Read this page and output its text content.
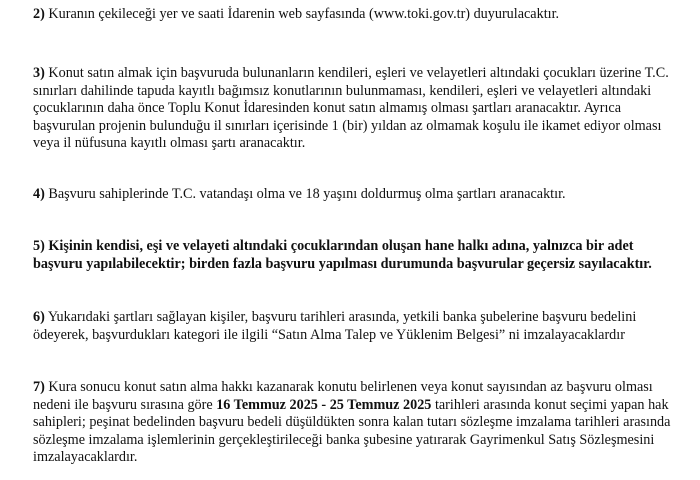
2) Kuranın çekileceği yer ve saati İdarenin web sayfasında (www.toki.gov.tr) duyurulacaktır.

3) Konut satın almak için başvuruda bulunanların kendileri, eşleri ve velayetleri altındaki çocukları üzerine T.C. sınırları dahilinde tapuda kayıtlı bağımsız konutlarının bulunmaması, kendileri, eşleri ve velayetleri altındaki çocuklarının daha önce Toplu Konut İdaresinden konut satın almamış olması şartları aranacaktır. Ayrıca başvurulan projenin bulunduğu il sınırları içerisinde 1 (bir) yıldan az olmamak koşulu ile ikamet ediyor olması veya il nüfusuna kayıtlı olması şartı aranacaktır.

4) Başvuru sahiplerinde T.C. vatandaşı olma ve 18 yaşını doldurmuş olma şartları aranacaktır.

5) Kişinin kendisi, eşi ve velayeti altındaki çocuklarından oluşan hane halkı adına, yalnızca bir adet başvuru yapılabilecektir; birden fazla başvuru yapılması durumunda başvurular geçersiz sayılacaktır.

6) Yukarıdaki şartları sağlayan kişiler, başvuru tarihleri arasında, yetkili banka şubelerine başvuru bedelini ödeyerek, başvurdukları kategori ile ilgili “Satın Alma Talep ve Yüklenim Belgesi” ni imzalayacaklardır

7) Kura sonucu konut satın alma hakkı kazanarak konutu belirlenen veya konut sayısından az başvuru olması nedeni ile başvuru sırasına göre 16 Temmuz 2025 - 25 Temmuz 2025 tarihleri arasında konut seçimi yapan hak sahipleri; peşinat bedelinden başvuru bedeli düşüldükten sonra kalan tutarı sözleşme imzalama tarihleri arasında sözleşme imzalama işlemlerinin gerçekleştirileceği banka şubesine yatırarak Gayrimenkul Satış Sözleşmesini imzalayacaklardır.
